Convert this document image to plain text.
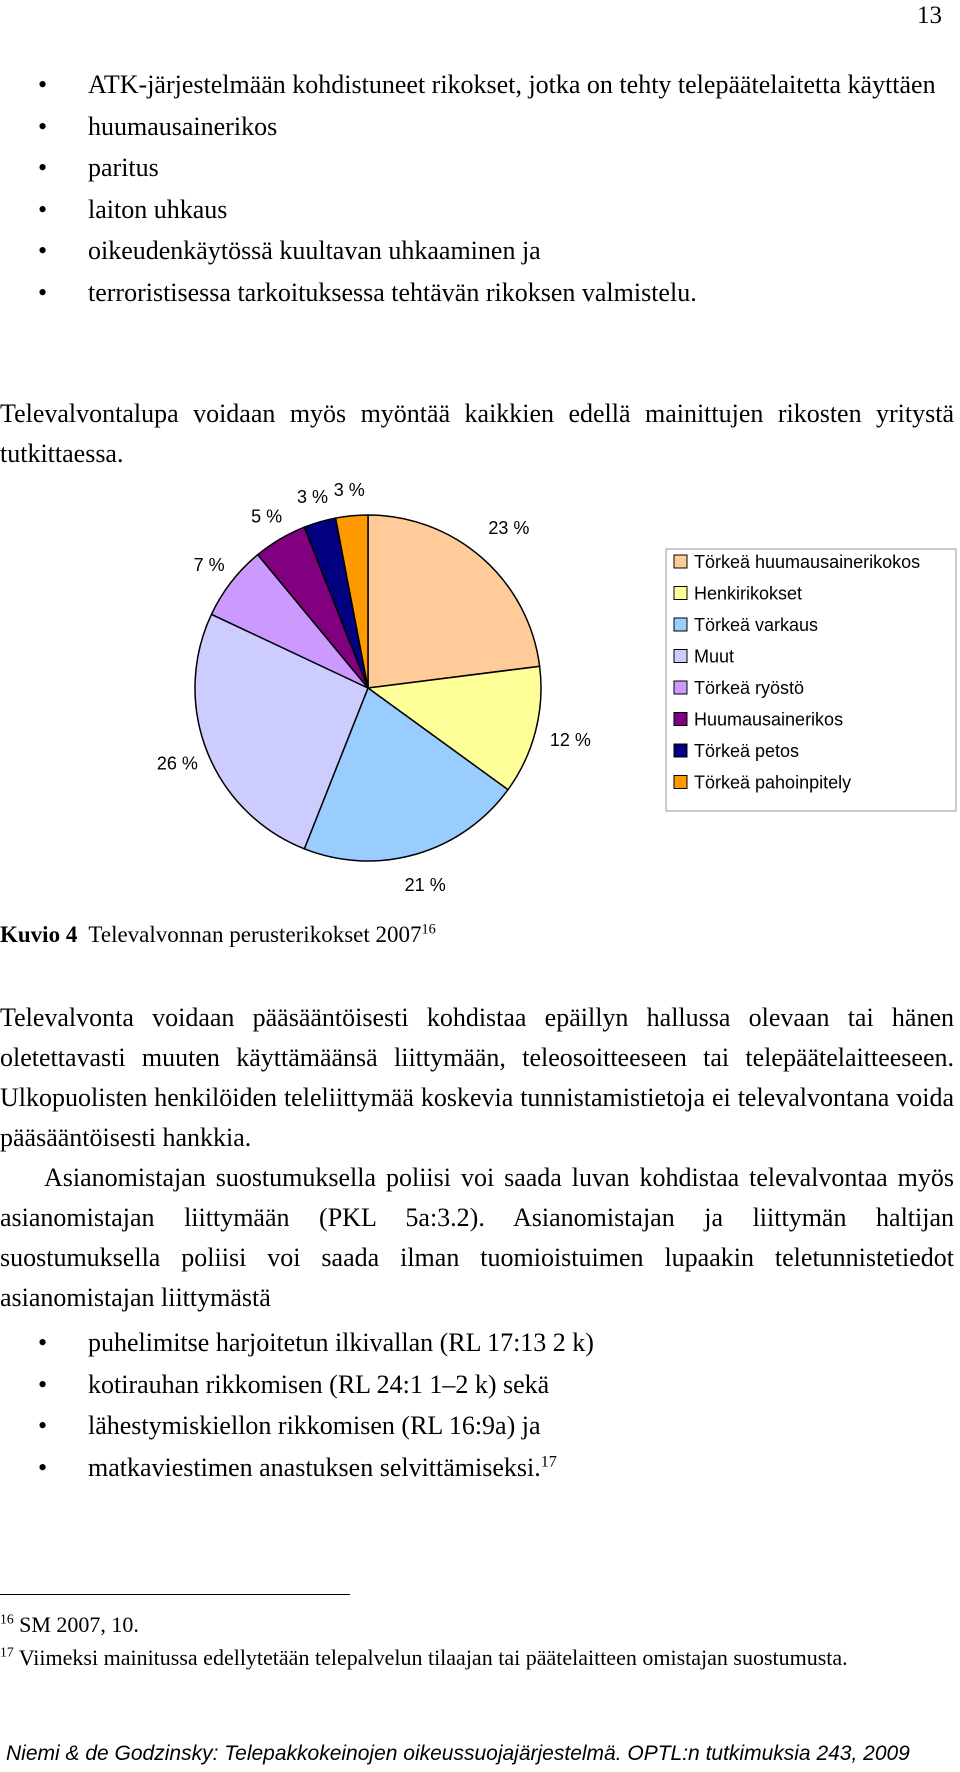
13
• ATK-järjestelmään kohdistuneet rikokset, jotka on tehty telepäätelaitetta käyttäen
• huumausainerikos
• paritus
• laiton uhkaus
• oikeudenkäytössä kuultavan uhkaaminen ja
• terroristisessa tarkoituksessa tehtävän rikoksen valmistelu.

Televalvontalupa voidaan myös myöntää kaikkien edellä mainittujen rikosten yritystä tutkittaessa.

23 %
12 %
21 %
26 %
7 %
5 %
3 % 3 %
Törkeä huumausainerikokos
Henkirikokset
Törkeä varkaus
Muut
Törkeä ryöstö
Huumausainerikos
Törkeä petos
Törkeä pahoinpitely
Kuvio 4 Televalvonnan perusterikokset 2007$^{16}$

Televalvonta voidaan pääsääntöisesti kohdistaa epäillyn hallussa olevaan tai hänen oletettavasti muuten käyttämäänsä liittymään, teleosoitteeseen tai telepäätelaitteeseen. Ulkopuolisten henkilöiden teleliittymää koskevia tunnistamistietoja ei televalvontana voida pääsääntöisesti hankkia.

Asianomistajan suostumuksella poliisi voi saada luvan kohdistaa televalvontaa myös asianomistajan liittymään (PKL 5a:3.2). Asianomistajan ja liittymän haltijan suostumuksella poliisi voi saada ilman tuomioistuimen lupaakin teletunnistetiedot asianomistajan liittymästä

• puhelimitse harjoitetun ilkivallan (RL 17:13 2 k)
• kotirauhan rikkomisen (RL 24:1 1–2 k) sekä
• lähestymiskiellon rikkomisen (RL 16:9a) ja
• matkaviestimen anastuksen selvittämiseksi.$^{17}$
$^{16}$ SM 2007, 10.
$^{17}$ Viimeksi mainitussa edellytetään telepalvelun tilaajan tai päätelaitteen omistajan suostumusta.
Niemi & de Godzinsky: Telepakkokeinojen oikeussuojajärjestelmä. OPTL:n tutkimuksia 243, 2009
